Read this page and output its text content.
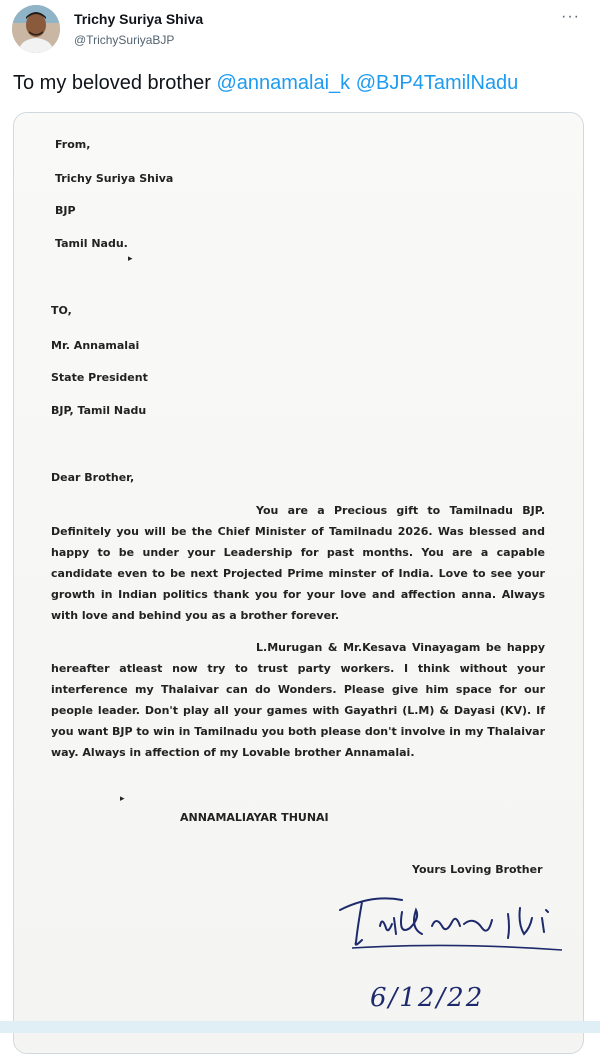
Trichy Suriya Shiva
@TrichySuriyaBJP
···
To my beloved brother @annamalai_k @BJP4TamilNadu
From,
Trichy Suriya Shiva
BJP
Tamil Nadu.
▸
TO,
Mr. Annamalai
State President
BJP, Tamil Nadu
Dear Brother,
You are a Precious gift to Tamilnadu BJP. Definitely you will be the Chief Minister of Tamilnadu 2026. Was blessed and happy to be under your Leadership for past months. You are a capable candidate even to be next Projected Prime minster of India. Love to see your growth in Indian politics thank you for your love and affection anna. Always with love and behind you as a brother forever.
L.Murugan & Mr.Kesava Vinayagam be happy hereafter atleast now try to trust party workers. I think without your interference my Thalaivar can do Wonders. Please give him space for our people leader. Don't play all your games with Gayathri (L.M) & Dayasi (KV). If you want BJP to win in Tamilnadu you both please don't involve in my Thalaivar way. Always in affection of my Lovable brother Annamalai.
▸
ANNAMALIAYAR THUNAI
Yours Loving Brother
6/12/22
